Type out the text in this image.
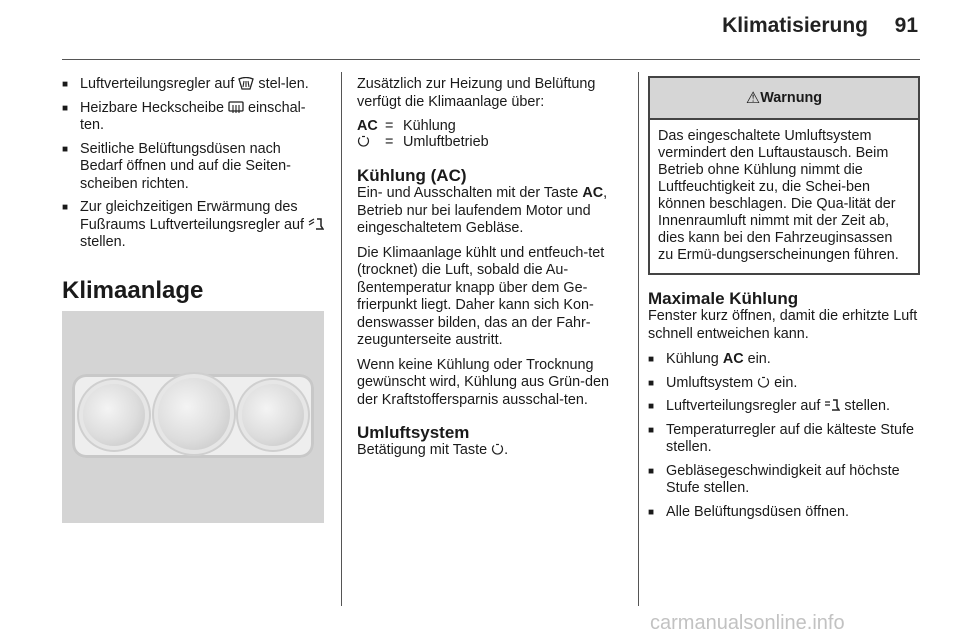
Klimatisierung 91
■ Luftverteilungsregler auf  stel-len.
■ Heizbare Heckscheibe  einschal-ten.
■ Seitliche Belüftungsdüsen nach Bedarf öffnen und auf die Seiten-scheiben richten.
■ Zur gleichzeitigen Erwärmung des Fußraums Luftverteilungsregler auf  stellen.
Klimaanlage

Zusätzlich zur Heizung und Belüftung verfügt die Klimaanlage über:

AC = Kühlung
= Umluftbetrieb
Kühlung (AC)

Ein- und Ausschalten mit der Taste AC, Betrieb nur bei laufendem Motor und eingeschaltetem Gebläse.

Die Klimaanlage kühlt und entfeuch-tet (trocknet) die Luft, sobald die Au-ßentemperatur knapp über dem Ge-frierpunkt liegt. Daher kann sich Kon-denswasser bilden, das an der Fahr-zeugunterseite austritt.

Wenn keine Kühlung oder Trocknung gewünscht wird, Kühlung aus Grün-den der Kraftstoffersparnis ausschal-ten.

Umluftsystem

Betätigung mit Taste .

⚠Warnung
Das eingeschaltete Umluftsystem vermindert den Luftaustausch. Beim Betrieb ohne Kühlung nimmt die Luftfeuchtigkeit zu, die Schei-ben können beschlagen. Die Qua-lität der Innenraumluft nimmt mit der Zeit ab, dies kann bei den Fahrzeuginsassen zu Ermü-dungserscheinungen führen.
Maximale Kühlung

Fenster kurz öffnen, damit die erhitzte Luft schnell entweichen kann.

■ Kühlung AC ein.
■ Umluftsystem  ein.
■ Luftverteilungsregler auf  stellen.
■ Temperaturregler auf die kälteste Stufe stellen.
■ Gebläsegeschwindigkeit auf höchste Stufe stellen.
■ Alle Belüftungsdüsen öffnen.
carmanualsonline.info
